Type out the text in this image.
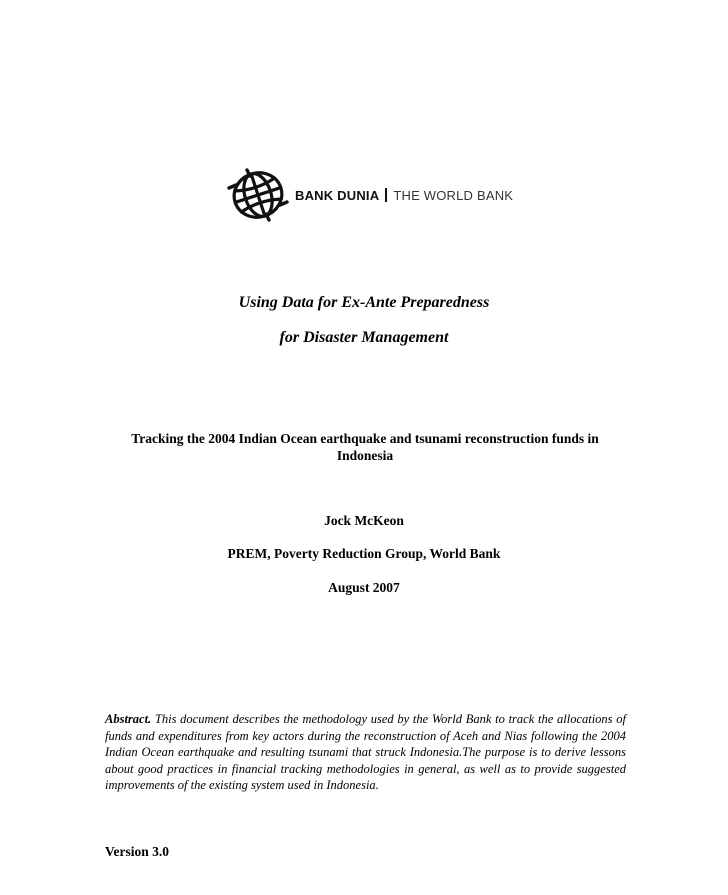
BANK DUNIA THE WORLD BANK
Using Data for Ex-Ante Preparedness
for Disaster Management
Tracking the 2004 Indian Ocean earthquake and tsunami reconstruction funds in Indonesia
Jock McKeon
PREM, Poverty Reduction Group, World Bank
August 2007
Abstract. This document describes the methodology used by the World Bank to track the allocations of funds and expenditures from key actors during the reconstruction of Aceh and Nias following the 2004 Indian Ocean earthquake and resulting tsunami that struck Indonesia.The purpose is to derive lessons about good practices in financial tracking methodologies in general, as well as to provide suggested improvements of the existing system used in Indonesia.
Version 3.0
